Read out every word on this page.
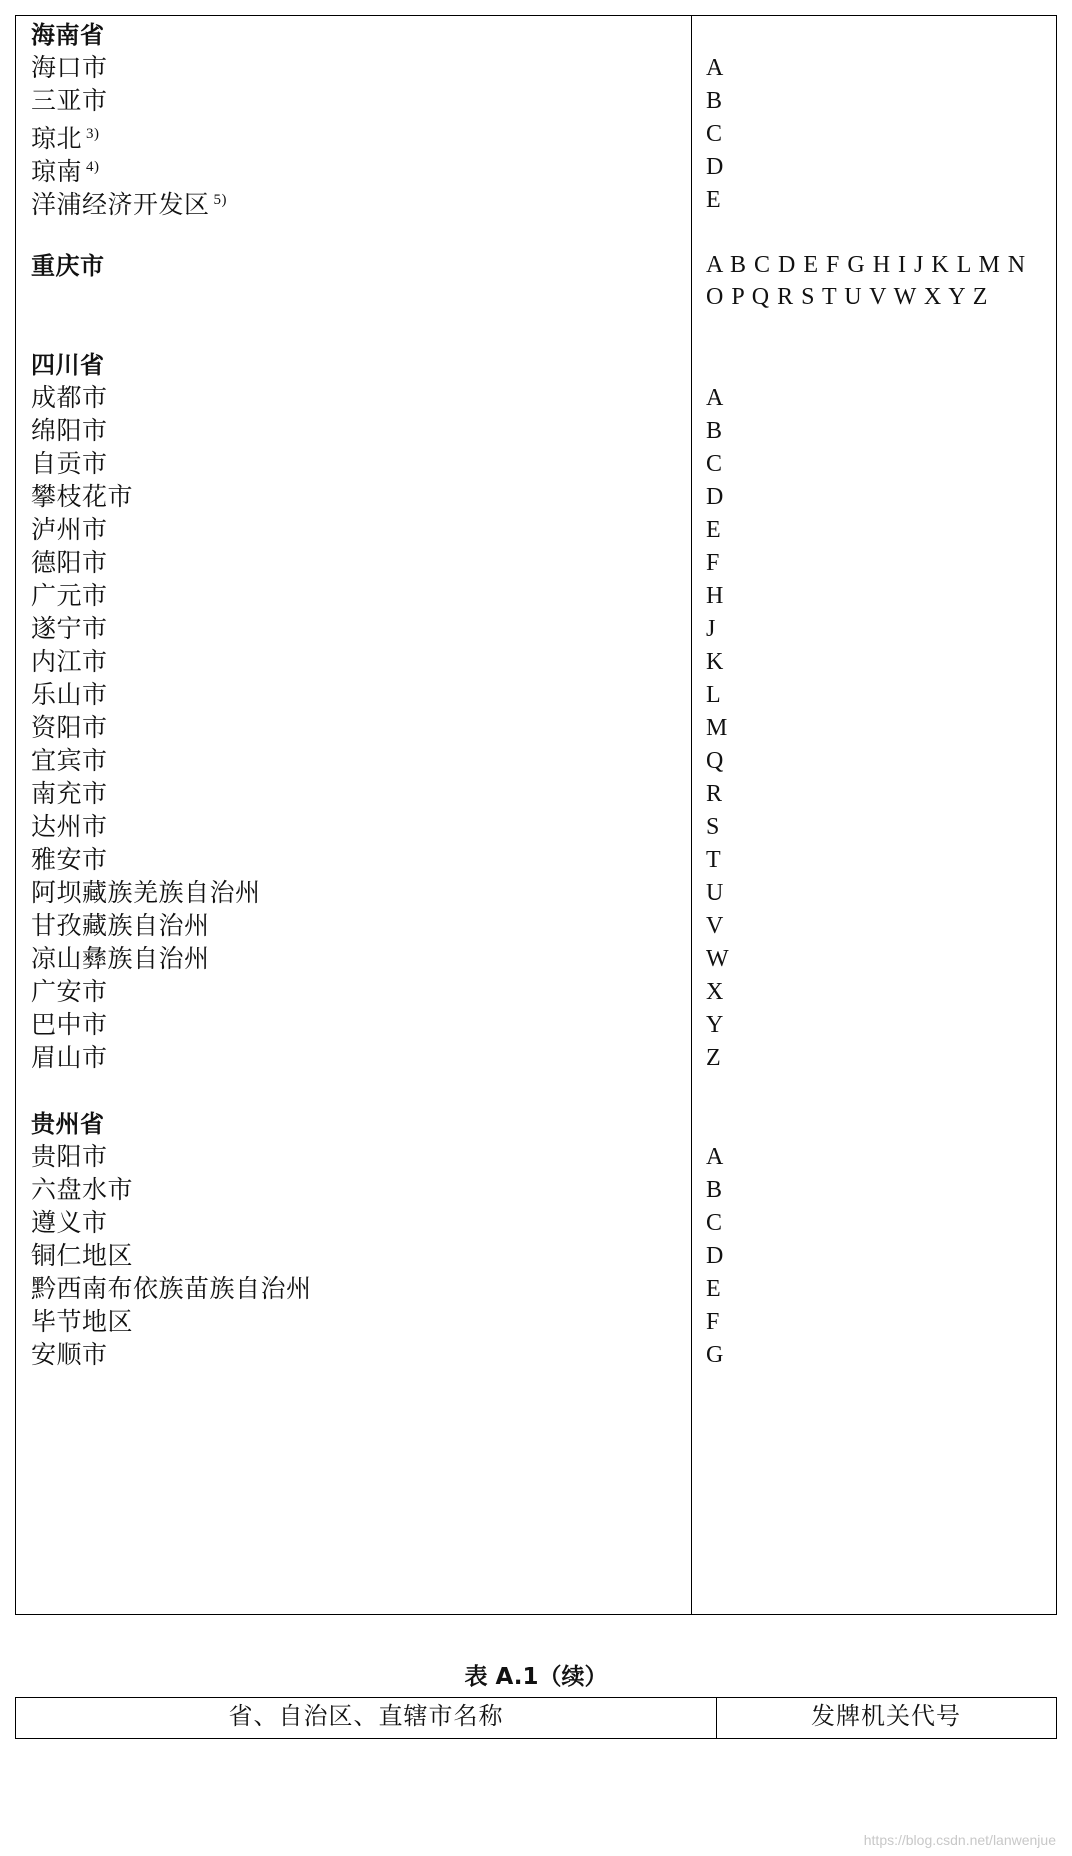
海南省
海口市	A
三亚市	B
琼北 $^{3)}$	C
琼南 $^{4)}$	D
洋浦经济开发区 $^{5)}$	E
重庆市	A B C D E F G H I J K L M N
O P Q R S T U V W X Y Z
四川省
成都市	A
绵阳市	B
自贡市	C
攀枝花市	D
泸州市	E
德阳市	F
广元市	H
遂宁市	J
内江市	K
乐山市	L
资阳市	M
宜宾市	Q
南充市	R
达州市	S
雅安市	T
阿坝藏族羌族自治州	U
甘孜藏族自治州	V
凉山彝族自治州	W
广安市	X
巴中市	Y
眉山市	Z
贵州省
贵阳市	A
六盘水市	B
遵义市	C
铜仁地区	D
黔西南布依族苗族自治州	E
毕节地区	F
安顺市	G
表 A.1（续）
省、自治区、直辖市名称	发牌机关代号
https://blog.csdn.net/lanwenjue
